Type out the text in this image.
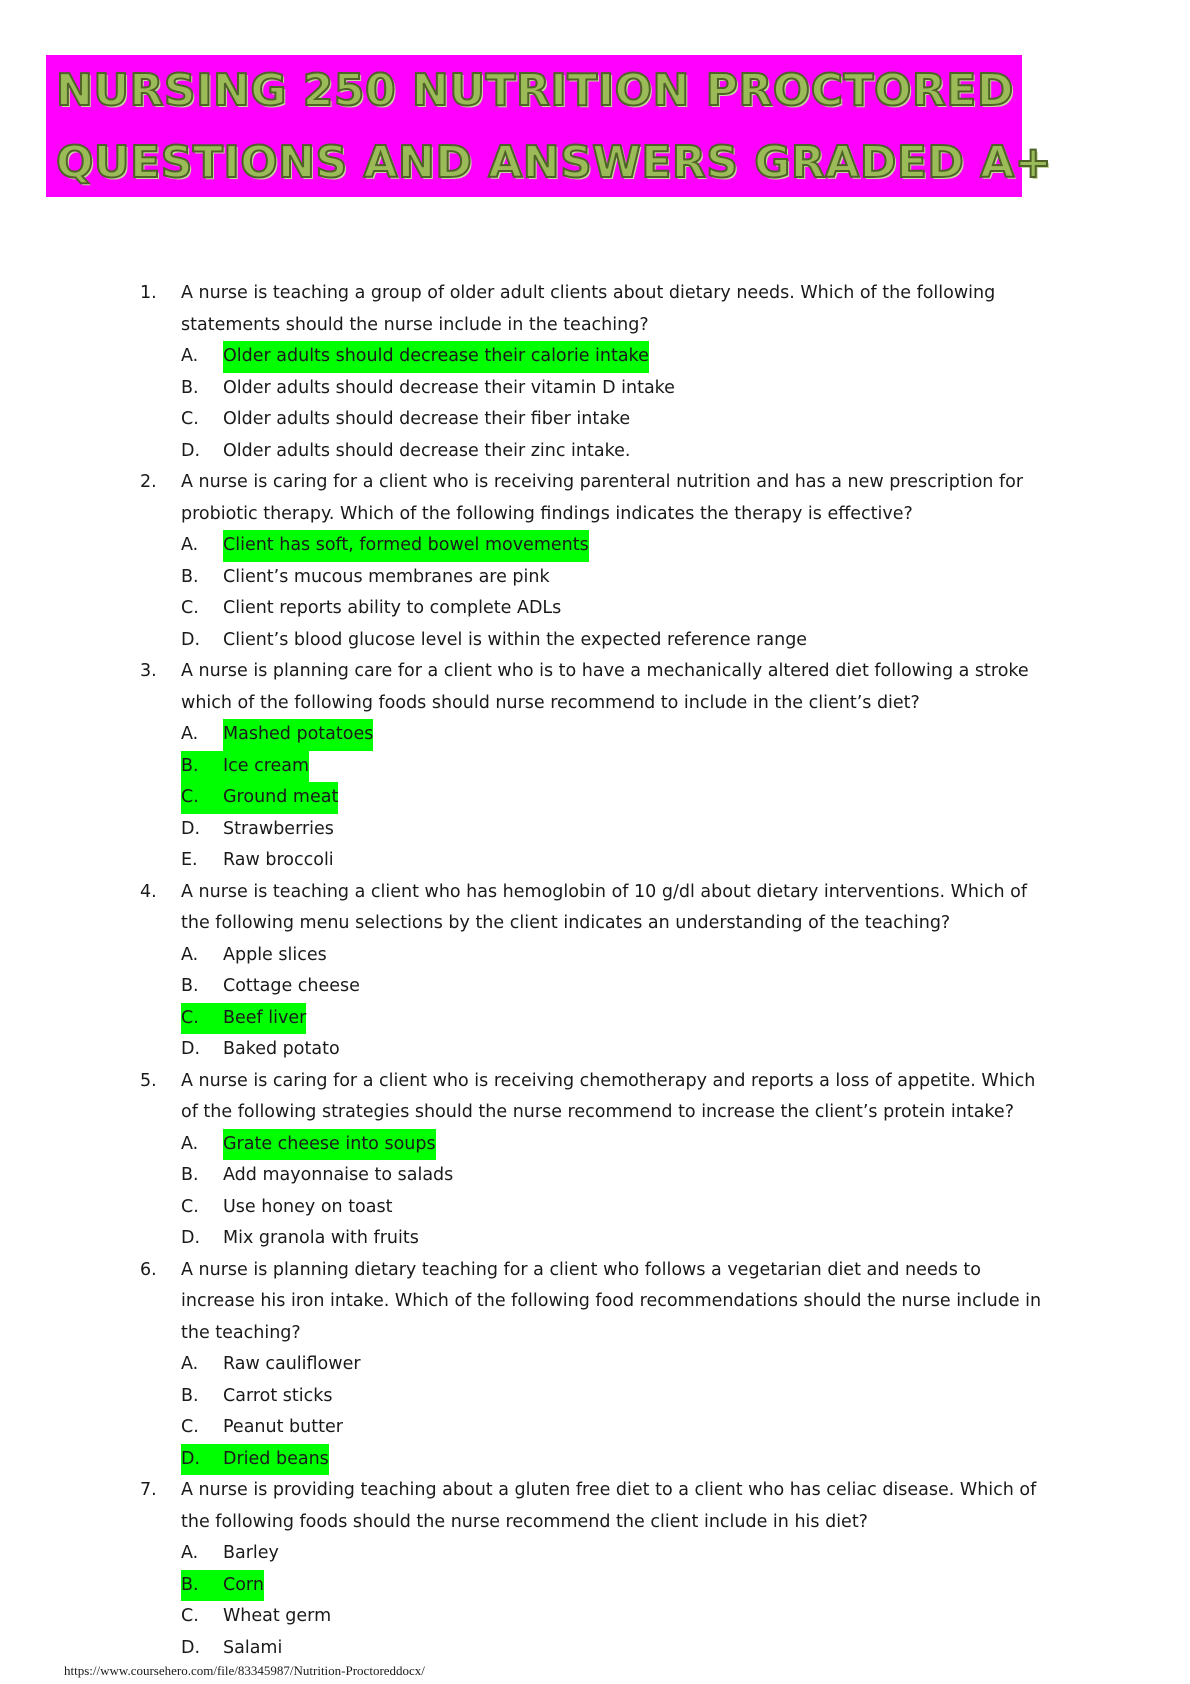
NURSING 250 NUTRITION PROCTORED
QUESTIONS AND ANSWERS GRADED A+
1.	A nurse is teaching a group of older adult clients about dietary needs. Which of the following statements should the nurse include in the teaching?
A.	Older adults should decrease their calorie intake
B.	Older adults should decrease their vitamin D intake
C.	Older adults should decrease their fiber intake
D.	Older adults should decrease their zinc intake.
2.	A nurse is caring for a client who is receiving parenteral nutrition and has a new prescription for probiotic therapy. Which of the following findings indicates the therapy is effective?
A.	Client has soft, formed bowel movements
B.	Client’s mucous membranes are pink
C.	Client reports ability to complete ADLs
D.	Client’s blood glucose level is within the expected reference range
3.	A nurse is planning care for a client who is to have a mechanically altered diet following a stroke which of the following foods should nurse recommend to include in the client’s diet?
A.	Mashed potatoes
B.	Ice cream
C.	Ground meat
D.	Strawberries
E.	Raw broccoli
4.	A nurse is teaching a client who has hemoglobin of 10 g/dl about dietary interventions. Which of the following menu selections by the client indicates an understanding of the teaching?
A.	Apple slices
B.	Cottage cheese
C.	Beef liver
D.	Baked potato
5.	A nurse is caring for a client who is receiving chemotherapy and reports a loss of appetite. Which of the following strategies should the nurse recommend to increase the client’s protein intake?
A.	Grate cheese into soups
B.	Add mayonnaise to salads
C.	Use honey on toast
D.	Mix granola with fruits
6.	A nurse is planning dietary teaching for a client who follows a vegetarian diet and needs to increase his iron intake. Which of the following food recommendations should the nurse include in the teaching?
A.	Raw cauliflower
B.	Carrot sticks
C.	Peanut butter
D.	Dried beans
7.	A nurse is providing teaching about a gluten free diet to a client who has celiac disease. Which of the following foods should the nurse recommend the client include in his diet?
A.	Barley
B.	Corn
C.	Wheat germ
D.	Salami
https://www.coursehero.com/file/83345987/Nutrition-Proctoreddocx/
